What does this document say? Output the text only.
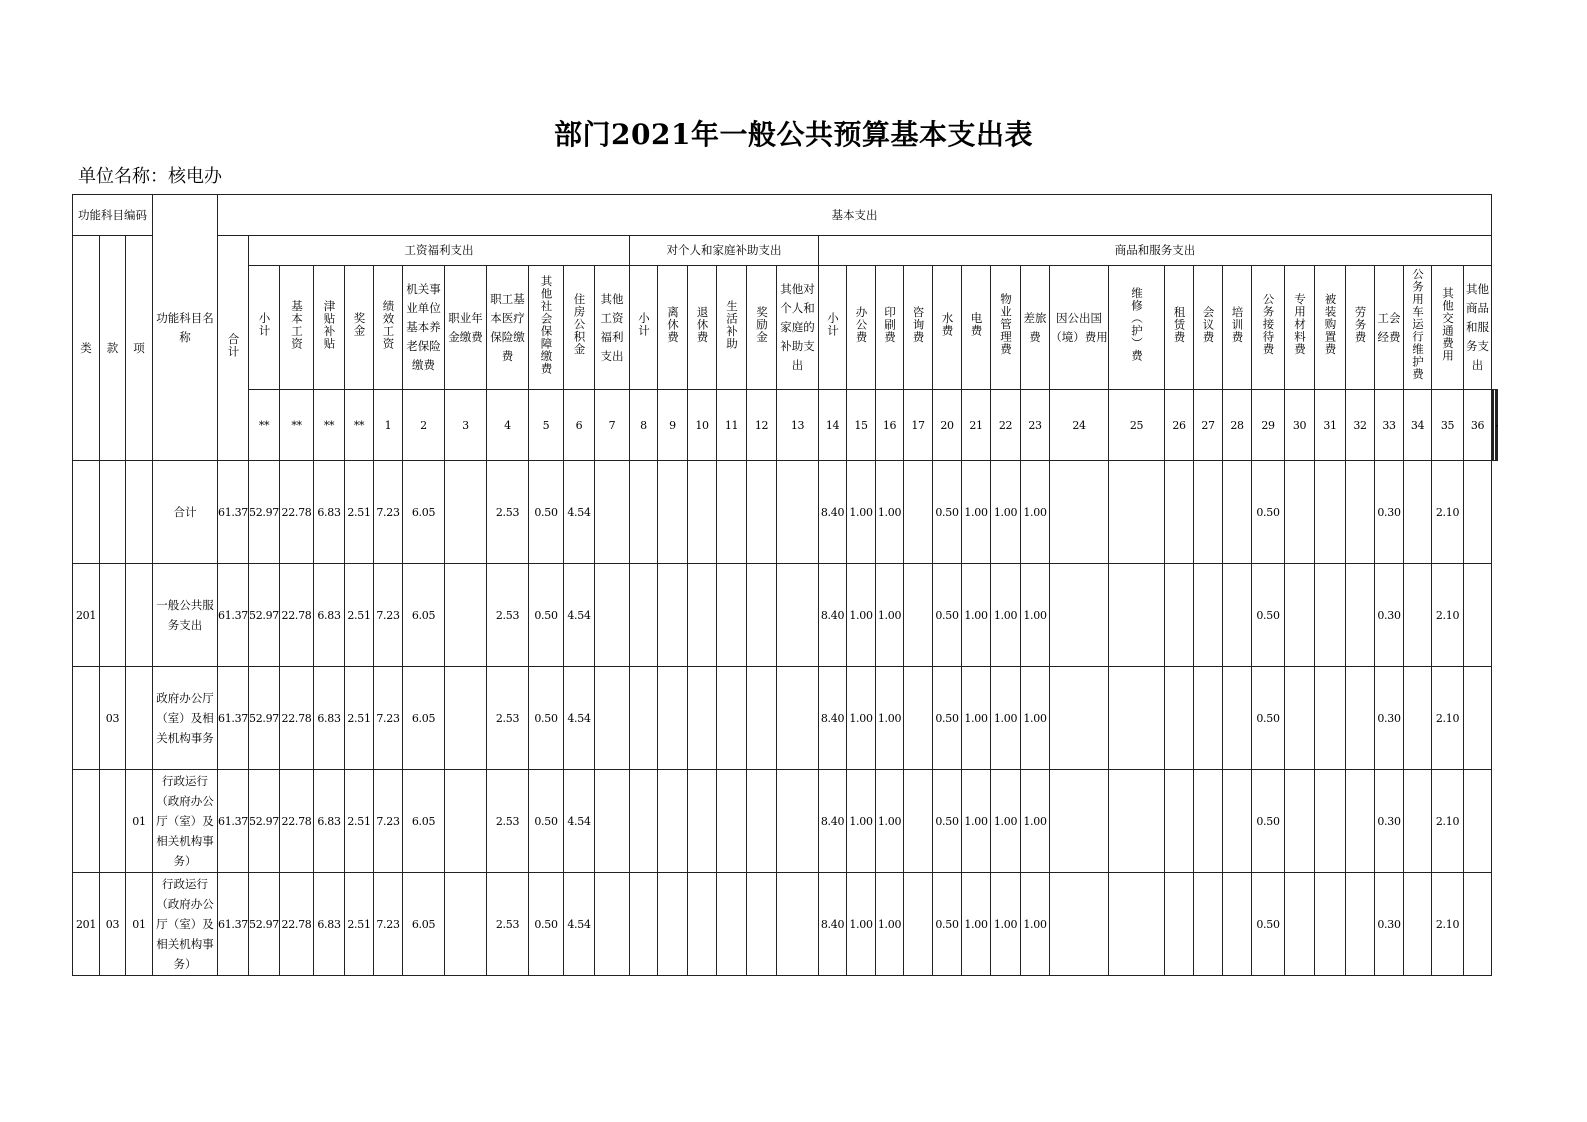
部门2021年一般公共预算基本支出表
单位名称：核电办
功能科目编码			功能科目名称	基本支出																																									
类	款	项		合计	工资福利支出											对个人和家庭补助支出						商品和服务支出																							
					小计	基本工资	津贴补贴	奖金	绩效工资	机关事业单位基本养老保险缴费	职业年金缴费	职工基本医疗保险缴费	其他社会保障缴费	住房公积金	其他工资福利支出	小计	离休费	退休费	生活补助	奖励金	其他对个人和家庭的补助支出	小计	办公费	印刷费	咨询费	水费	电费	物业管理费	差旅费	因公出国（境）费用	维修（护）费	租赁费	会议费	培训费	公务接待费	专用材料费	被装购置费	劳务费	工会经费	公务用车运行维护费	其他交通费用	其他商品和服务支出			
					**	**	**	**	1	2	3	4	5	6	7	8	9	10	11	12	13	14	15	16	17	20	21	22	23	24	25	26	27	28	29	30	31	32	33	34	35	36					
			合计	61.37	52.97	22.78	6.83	2.51	7.23	6.05		2.53	0.50	4.54								8.40	1.00	1.00		0.50	1.00	1.00	1.00						0.50				0.30		2.10				
201			一般公共服务支出	61.37	52.97	22.78	6.83	2.51	7.23	6.05		2.53	0.50	4.54								8.40	1.00	1.00		0.50	1.00	1.00	1.00						0.50				0.30		2.10				
	03		政府办公厅（室）及相关机构事务	61.37	52.97	22.78	6.83	2.51	7.23	6.05		2.53	0.50	4.54								8.40	1.00	1.00		0.50	1.00	1.00	1.00						0.50				0.30		2.10				
		01	行政运行（政府办公厅（室）及相关机构事务）	61.37	52.97	22.78	6.83	2.51	7.23	6.05		2.53	0.50	4.54								8.40	1.00	1.00		0.50	1.00	1.00	1.00						0.50				0.30		2.10				
201	03	01	行政运行（政府办公厅（室）及相关机构事务）	61.37	52.97	22.78	6.83	2.51	7.23	6.05		2.53	0.50	4.54								8.40	1.00	1.00		0.50	1.00	1.00	1.00						0.50				0.30		2.10				
